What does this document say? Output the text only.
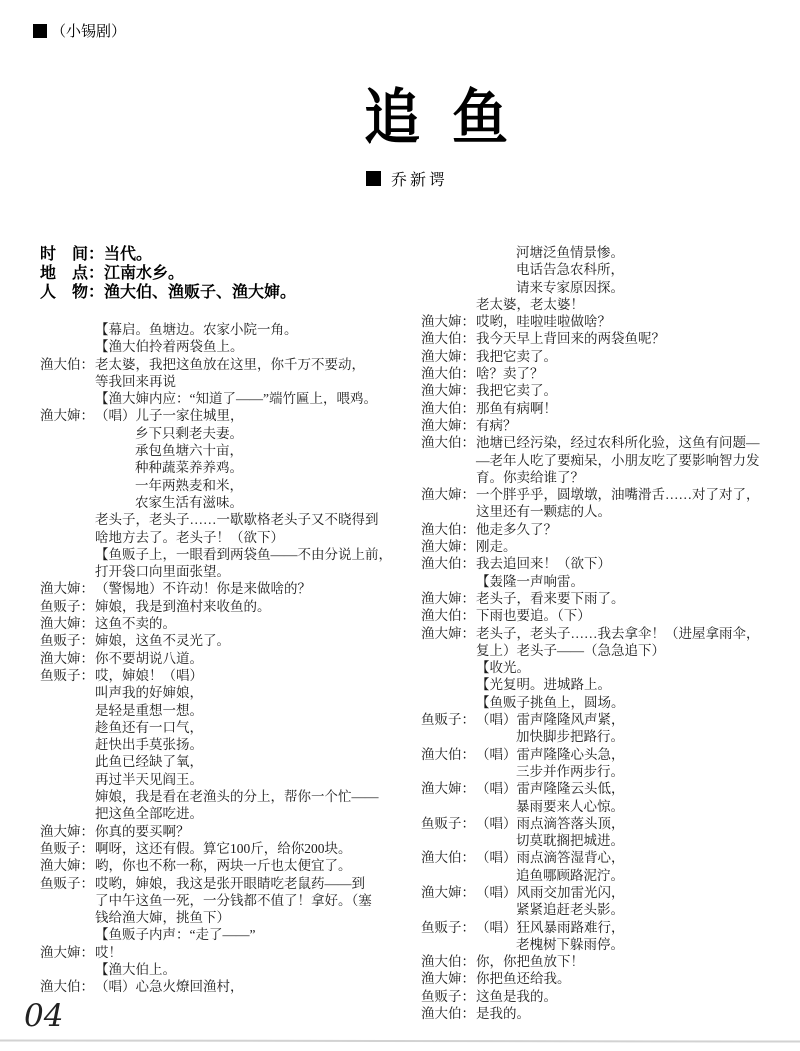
（小锡剧）
追鱼
乔新谔
时　间：当代。
地　点：江南水乡。
人　物：渔大伯、渔贩子、渔大婶。
【幕启。鱼塘边。农家小院一角。
【渔大伯拎着两袋鱼上。
渔大伯：老太婆，我把这鱼放在这里，你千万不要动，
等我回来再说
【渔大婶内应：“知道了——”端竹匾上，喂鸡。
渔大婶：（唱）儿子一家住城里，
乡下只剩老夫妻。
承包鱼塘六十亩，
种种蔬菜养养鸡。
一年两熟麦和米，
农家生活有滋味。
老头子，老头子……一歇歇格老头子又不晓得到
啥地方去了。老头子！（欲下）
【鱼贩子上，一眼看到两袋鱼——不由分说上前，
打开袋口向里面张望。
渔大婶：（警惕地）不许动！你是来做啥的？
鱼贩子：婶娘，我是到渔村来收鱼的。
渔大婶：这鱼不卖的。
鱼贩子：婶娘，这鱼不灵光了。
渔大婶：你不要胡说八道。
鱼贩子：哎，婶娘！（唱）
叫声我的好婶娘，
是轻是重想一想。
趁鱼还有一口气，
赶快出手莫张扬。
此鱼已经缺了氧，
再过半天见阎王。
婶娘，我是看在老渔头的分上，帮你一个忙——
把这鱼全部吃进。
渔大婶：你真的要买啊？
鱼贩子：啊呀，这还有假。算它100斤，给你200块。
渔大婶：哟，你也不称一称，两块一斤也太便宜了。
鱼贩子：哎哟，婶娘，我这是张开眼睛吃老鼠药——到
了中午这鱼一死，一分钱都不值了！拿好。（塞
钱给渔大婶，挑鱼下）
【鱼贩子内声：“走了——”
渔大婶：哎！
【渔大伯上。
渔大伯：（唱）心急火燎回渔村，
河塘泛鱼情景惨。
电话告急农科所，
请来专家原因探。
老太婆，老太婆！
渔大婶：哎哟，哇啦哇啦做啥？
渔大伯：我今天早上背回来的两袋鱼呢？
渔大婶：我把它卖了。
渔大伯：啥？卖了？
渔大婶：我把它卖了。
渔大伯：那鱼有病啊！
渔大婶：有病？
渔大伯：池塘已经污染，经过农科所化验，这鱼有问题—
—老年人吃了要痴呆，小朋友吃了要影响智力发
育。你卖给谁了？
渔大婶：一个胖乎乎，圆墩墩，油嘴滑舌……对了对了，
这里还有一颗痣的人。
渔大伯：他走多久了？
渔大婶：刚走。
渔大伯：我去追回来！（欲下）
【轰隆一声响雷。
渔大婶：老头子，看来要下雨了。
渔大伯：下雨也要追。（下）
渔大婶：老头子，老头子……我去拿伞！（进屋拿雨伞，
复上）老头子——（急急追下）
【收光。
【光复明。进城路上。
【鱼贩子挑鱼上，圆场。
鱼贩子：（唱）雷声隆隆风声紧，
加快脚步把路行。
渔大伯：（唱）雷声隆隆心头急，
三步并作两步行。
渔大婶：（唱）雷声隆隆云头低，
暴雨要来人心惊。
鱼贩子：（唱）雨点滴答落头顶，
切莫耽搁把城进。
渔大伯：（唱）雨点滴答湿背心，
追鱼哪顾路泥泞。
渔大婶：（唱）风雨交加雷光闪，
紧紧追赶老头影。
鱼贩子：（唱）狂风暴雨路难行，
老槐树下躲雨停。
渔大伯：你，你把鱼放下！
渔大婶：你把鱼还给我。
鱼贩子：这鱼是我的。
渔大伯：是我的。
04
